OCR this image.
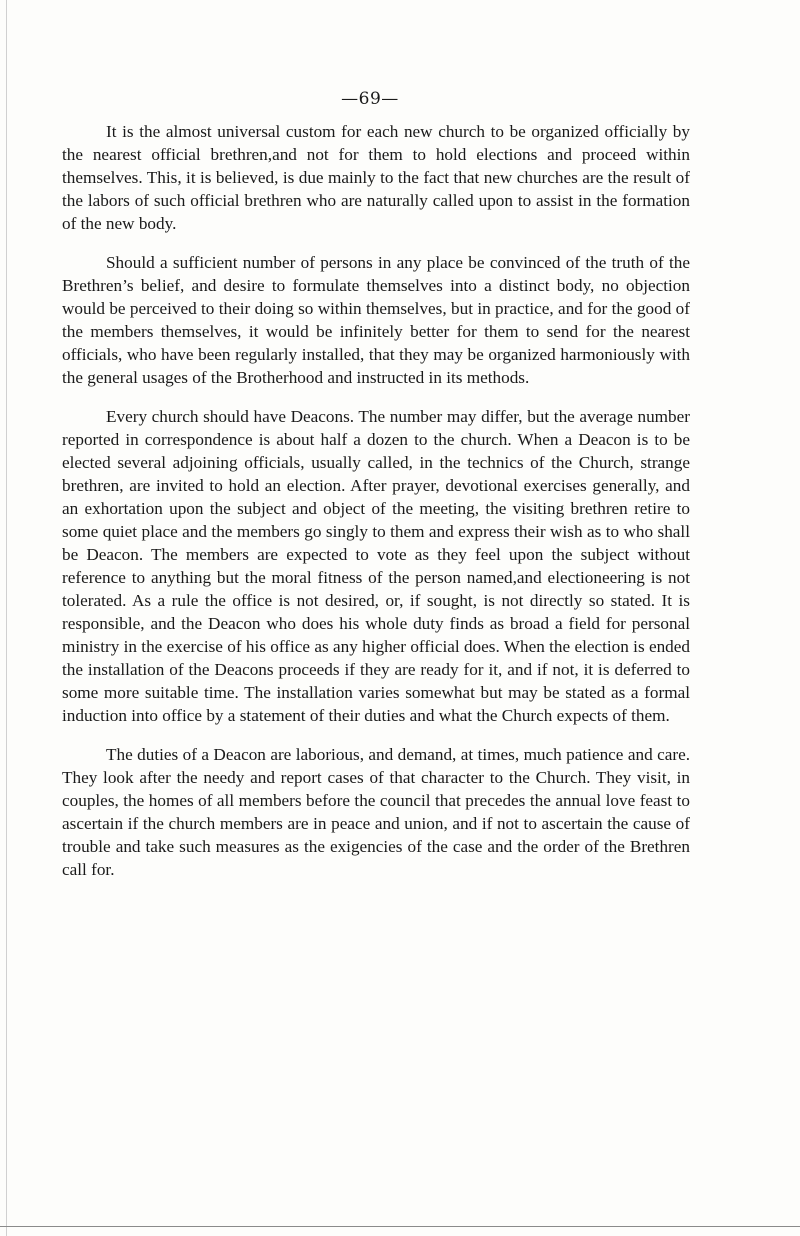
—69—

It is the almost universal custom for each new church to be organized officially by the nearest official brethren,and not for them to hold elections and proceed within themselves. This, it is believed, is due mainly to the fact that new churches are the result of the labors of such official brethren who are naturally called upon to assist in the formation of the new body.

Should a sufficient number of persons in any place be convinced of the truth of the Brethren’s belief, and desire to formulate themselves into a distinct body, no objection would be perceived to their doing so within themselves, but in practice, and for the good of the members themselves, it would be infinitely better for them to send for the nearest officials, who have been regularly installed, that they may be organized harmoniously with the general usages of the Brotherhood and instructed in its methods.

Every church should have Deacons. The number may differ, but the average number reported in correspondence is about half a dozen to the church. When a Deacon is to be elected several adjoining officials, usually called, in the technics of the Church, strange brethren, are invited to hold an election. After prayer, devotional exercises generally, and an exhortation upon the subject and object of the meeting, the visiting brethren retire to some quiet place and the members go singly to them and express their wish as to who shall be Deacon. The members are expected to vote as they feel upon the subject without reference to anything but the moral fitness of the person named,and electioneering is not tolerated. As a rule the office is not desired, or, if sought, is not directly so stated. It is responsible, and the Deacon who does his whole duty finds as broad a field for personal ministry in the exercise of his office as any higher official does. When the election is ended the installation of the Deacons proceeds if they are ready for it, and if not, it is deferred to some more suitable time. The installation varies somewhat but may be stated as a formal induction into office by a statement of their duties and what the Church expects of them.

The duties of a Deacon are laborious, and demand, at times, much patience and care. They look after the needy and report cases of that character to the Church. They visit, in couples, the homes of all members before the council that precedes the annual love feast to ascertain if the church members are in peace and union, and if not to ascertain the cause of trouble and take such measures as the exigencies of the case and the order of the Brethren call for.
